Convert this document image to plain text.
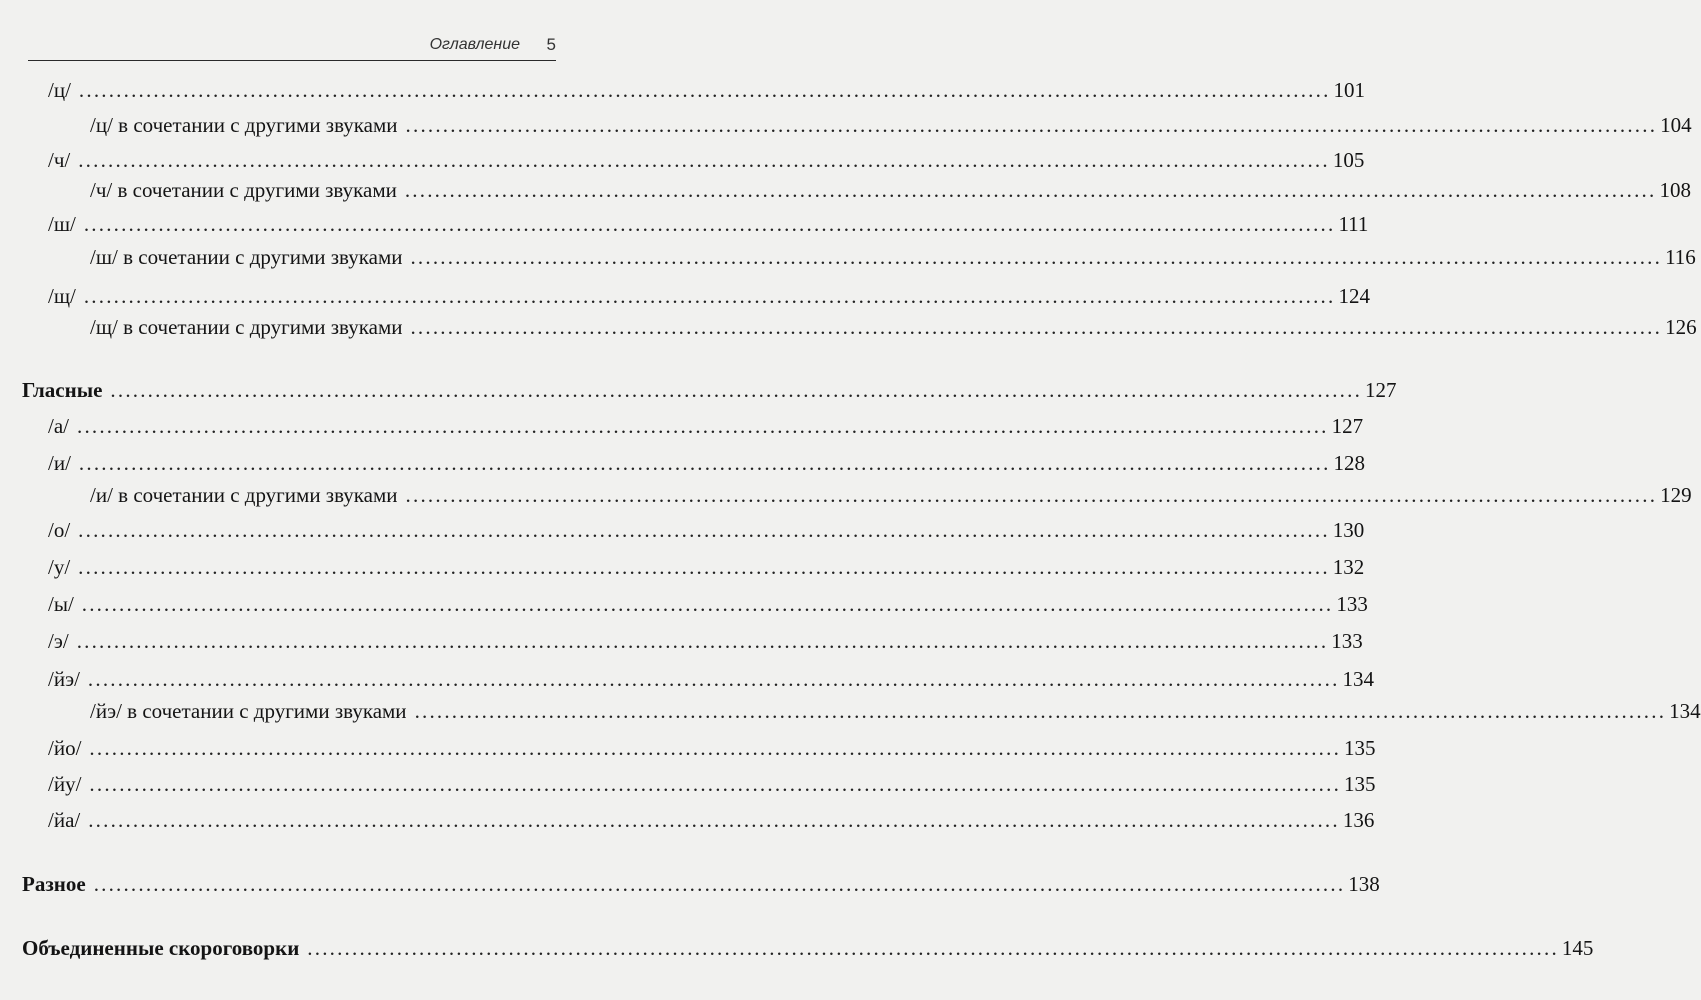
Оглавление 5
/ц/ ........................................................................................................................................................................ 101
/ц/ в сочетании с другими звуками ........................................................................................................................................................................ 104
/ч/ ........................................................................................................................................................................ 105
/ч/ в сочетании с другими звуками ........................................................................................................................................................................ 108
/ш/ ........................................................................................................................................................................ 111
/ш/ в сочетании с другими звуками ........................................................................................................................................................................ 116
/щ/ ........................................................................................................................................................................ 124
/щ/ в сочетании с другими звуками ........................................................................................................................................................................ 126
Гласные ........................................................................................................................................................................ 127
/а/ ........................................................................................................................................................................ 127
/и/ ........................................................................................................................................................................ 128
/и/ в сочетании с другими звуками ........................................................................................................................................................................ 129
/о/ ........................................................................................................................................................................ 130
/у/ ........................................................................................................................................................................ 132
/ы/ ........................................................................................................................................................................ 133
/э/ ........................................................................................................................................................................ 133
/йэ/ ........................................................................................................................................................................ 134
/йэ/ в сочетании с другими звуками ........................................................................................................................................................................ 134
/йо/ ........................................................................................................................................................................ 135
/йу/ ........................................................................................................................................................................ 135
/йа/ ........................................................................................................................................................................ 136
Разное ........................................................................................................................................................................ 138
Объединенные скороговорки ........................................................................................................................................................................ 145
